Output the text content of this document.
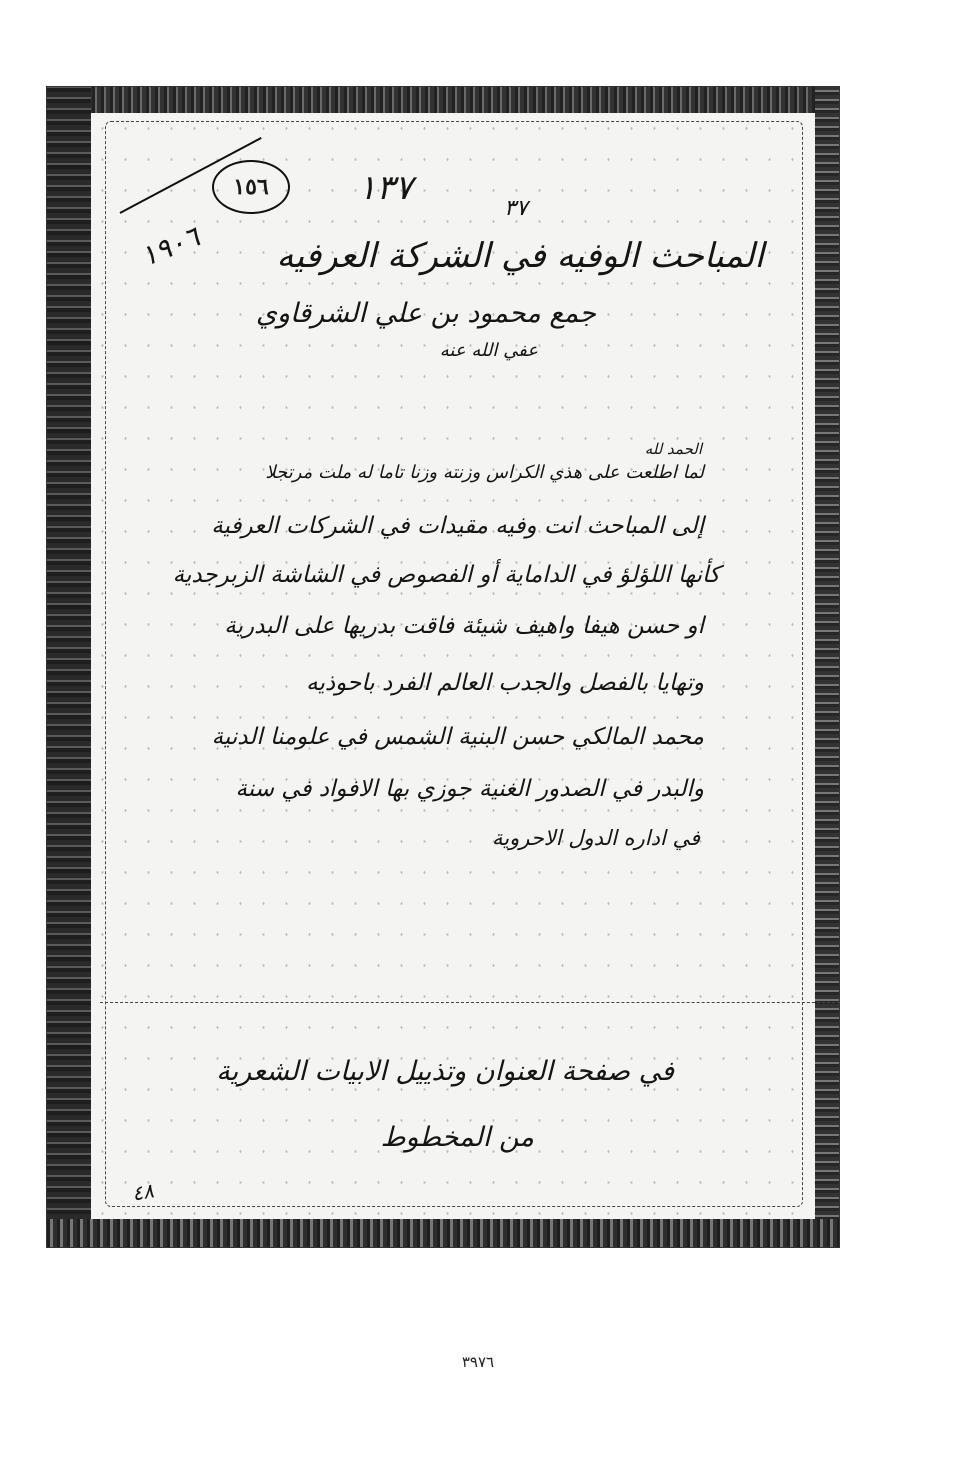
١٥٦	١٣٧
٣٧
١٩٠٦ المباحث الوفيه في الشركة العرفيه
جمع محمود بن علي الشرقاوي
عفي الله عنه
الحمد لله
لما اطلعت على هذي الكراس وزنته وزنا تاما له ملت مرتجلا
إلى المباحث انت وفيه مقيدات في الشركات العرفية
كأنها اللؤلؤ في الداماية أو الفصوص في الشاشة الزبرجدية
او حسن هيفا واهيف شيئة فاقت بدريها على البدرية
وتهايا بالفصل والجدب العالم الفرد باحوذيه
محمد المالكي حسن البنية الشمس في علومنا الدنية
والبدر في الصدور الغنية جوزي بها الافواد في سنة
في اداره الدول الاحروية
في صفحة العنوان وتذييل الابيات الشعرية
من المخطوط
٤٨
٣٩٧٦
